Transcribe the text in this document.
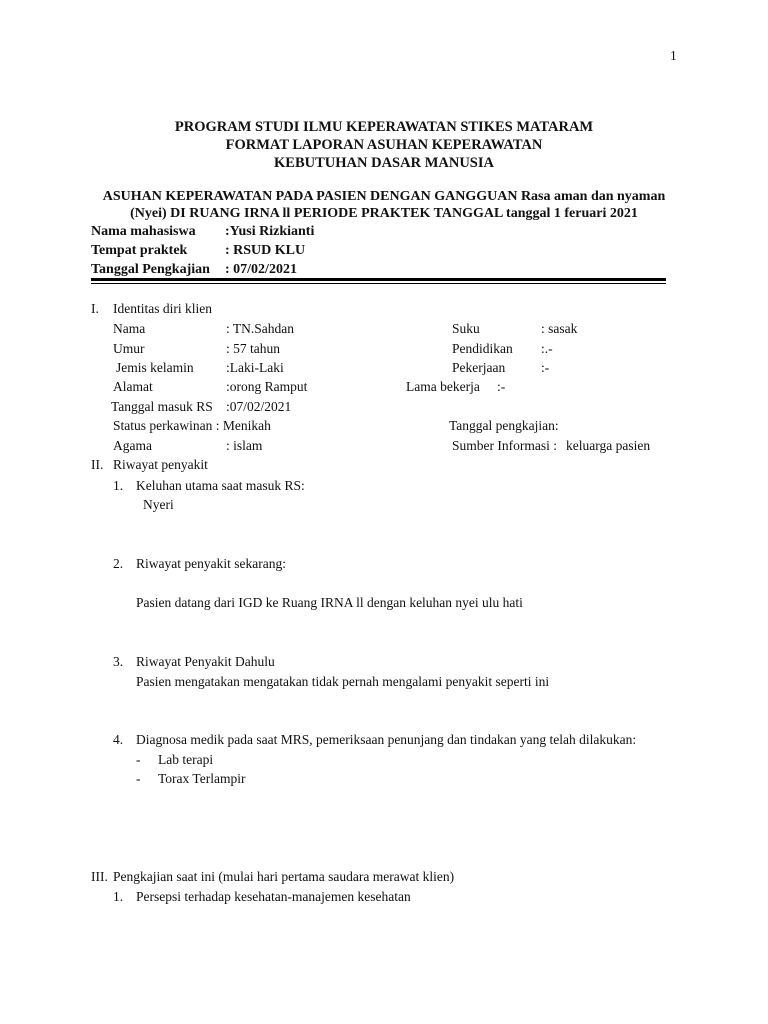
1
PROGRAM STUDI ILMU KEPERAWATAN STIKES MATARAM
FORMAT LAPORAN ASUHAN KEPERAWATAN
KEBUTUHAN DASAR MANUSIA
ASUHAN KEPERAWATAN PADA PASIEN DENGAN GANGGUAN Rasa aman dan nyaman
(Nyei) DI RUANG IRNA ll PERIODE PRAKTEK TANGGAL tanggal 1 feruari 2021
Nama mahasiswa :Yusi Rizkianti
Tempat praktek	: RSUD KLU
Tanggal Pengkajian : 07/02/2021
I. Identitas diri klien
Nama	: TN.Sahdan	Suku	: sasak
Umur	: 57 tahun	Pendidikan :.-
Jemis kelamin :Laki-Laki	Pekerjaan	:-
Alamat	:orong Ramput	Lama bekerja :-
Tanggal masuk RS :07/02/2021
Status perkawinan : Menikah	Tanggal pengkajian:
Agama	: islam	Sumber Informasi : keluarga pasien
II. Riwayat penyakit
1. Keluhan utama saat masuk RS:
Nyeri
2. Riwayat penyakit sekarang:
Pasien datang dari IGD ke Ruang IRNA ll dengan keluhan nyei ulu hati
3. Riwayat Penyakit Dahulu
Pasien mengatakan mengatakan tidak pernah mengalami penyakit seperti ini
4. Diagnosa medik pada saat MRS, pemeriksaan penunjang dan tindakan yang telah dilakukan:
- Lab terapi
- Torax Terlampir
III. Pengkajian saat ini (mulai hari pertama saudara merawat klien)
1. Persepsi terhadap kesehatan-manajemen kesehatan
